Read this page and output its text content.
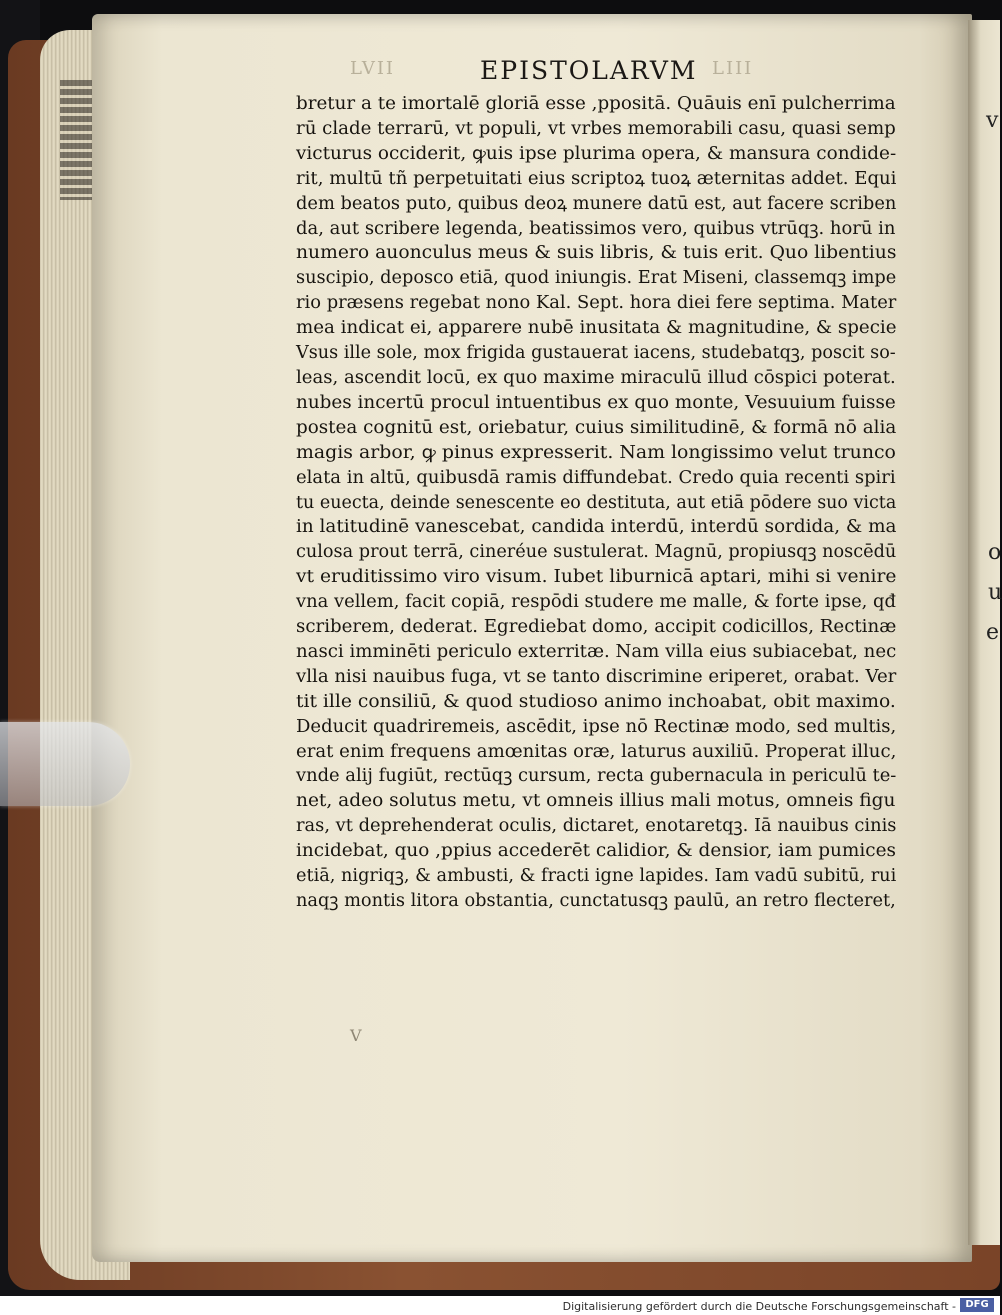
v
o
u
e
LVII	LIII
EPISTOLARVM
bretur a te imortalē gloriā esse ,ppositā. Quāuis enī pulcherrima
rū clade terrarū, vt populi, vt vrbes memorabili casu, quasi semp
victurus occiderit, ꝙuis ipse plurima opera, & mansura condide-
rit, multū tñ perpetuitati eius scriptoꝝ tuoꝝ æternitas addet. Equi
dem beatos puto, quibus deoꝝ munere datū est, aut facere scriben
da, aut scribere legenda, beatissimos vero, quibus vtrūqꝫ. horū in
numero auonculus meus & suis libris, & tuis erit. Quo libentius
suscipio, deposco etiā, quod iniungis. Erat Miseni, classemqꝫ impe
rio præsens regebat nono Kal. Sept. hora diei fere septima. Mater
mea indicat ei, apparere nubē inusitata & magnitudine, & specie
Vsus ille sole, mox frigida gustauerat iacens, studebatqꝫ, poscit so-
leas, ascendit locū, ex quo maxime miraculū illud cōspici poterat.
nubes incertū procul intuentibus ex quo monte, Vesuuium fuisse
postea cognitū est, oriebatur, cuius similitudinē, & formā nō alia
magis arbor, ꝙ pinus expresserit. Nam longissimo velut trunco
elata in altū, quibusdā ramis diffundebat. Credo quia recenti spiri
tu euecta, deinde senescente eo destituta, aut etiā pōdere suo victa
in latitudinē vanescebat, candida interdū, interdū sordida, & ma
culosa prout terrā, cineréue sustulerat. Magnū, propiusqꝫ noscēdū
vt eruditissimo viro visum. Iubet liburnicā aptari, mihi si venire
vna vellem, facit copiā, respōdi studere me malle, & forte ipse, qđ
scriberem, dederat. Egrediebat domo, accipit codicillos, Rectinæ
nasci imminēti periculo exterritæ. Nam villa eius subiacebat, nec
vlla nisi nauibus fuga, vt se tanto discrimine eriperet, orabat. Ver
tit ille consiliū, & quod studioso animo inchoabat, obit maximo.
Deducit quadriremeis, ascēdit, ipse nō Rectinæ modo, sed multis,
erat enim frequens amœnitas oræ, laturus auxiliū. Properat illuc,
vnde alij fugiūt, rectūqꝫ cursum, recta gubernacula in periculū te-
net, adeo solutus metu, vt omneis illius mali motus, omneis figu
ras, vt deprehenderat oculis, dictaret, enotaretqꝫ. Iā nauibus cinis
incidebat, quo ,ppius accederēt calidior, & densior, iam pumices
etiā, nigriqꝫ, & ambusti, & fracti igne lapides. Iam vadū subitū, rui
naqꝫ montis litora obstantia, cunctatusqꝫ paulū, an retro flecteret,
V
Digitalisierung gefördert durch die Deutsche Forschungsgemeinschaft - DFG
